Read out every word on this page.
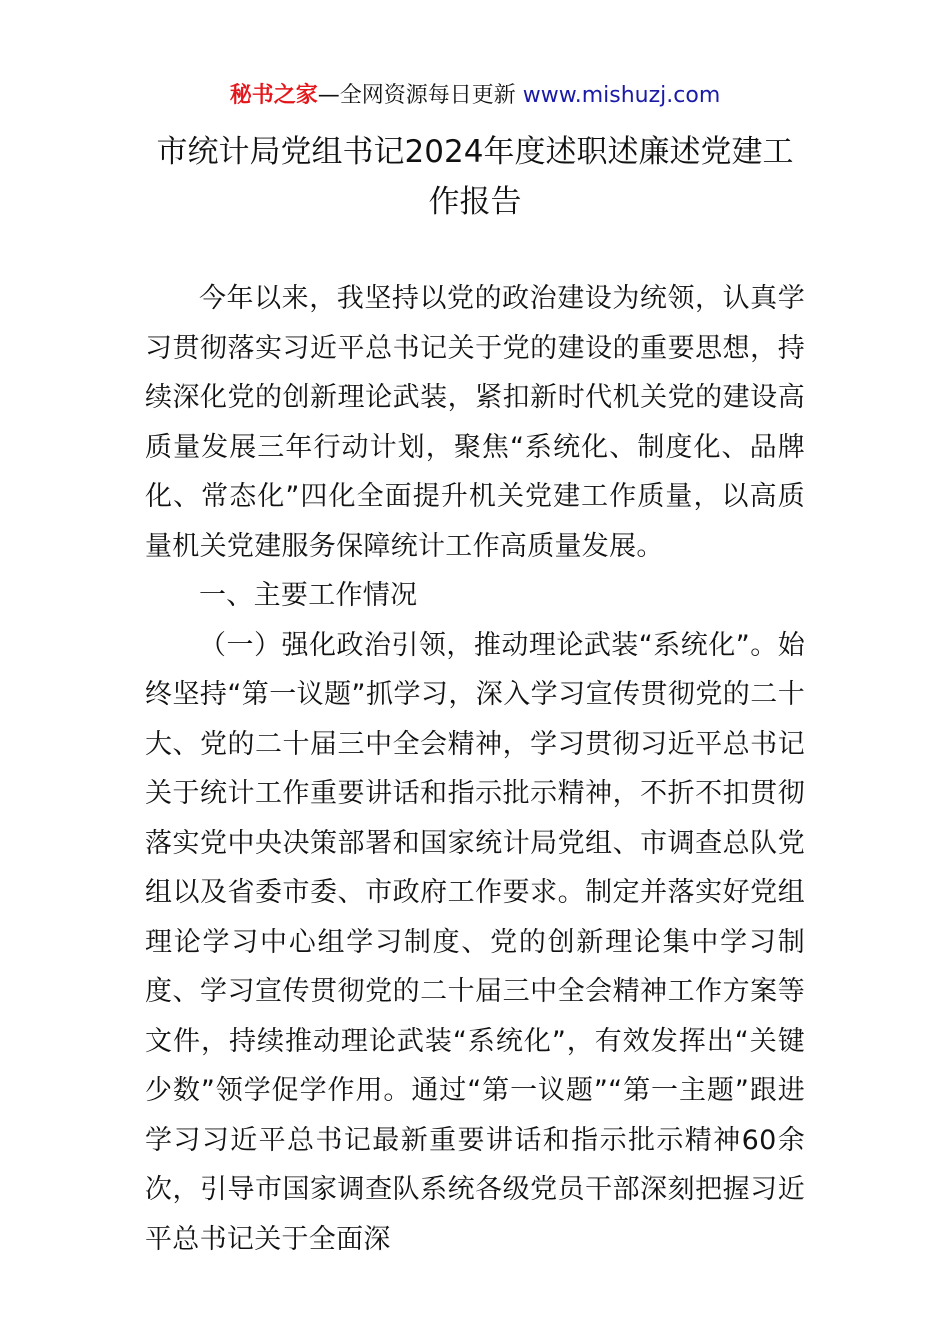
秘书之家—全网资源每日更新 www.mishuzj.com
市统计局党组书记2024年度述职述廉述党建工作报告

今年以来，我坚持以党的政治建设为统领，认真学习贯彻落实习近平总书记关于党的建设的重要思想，持续深化党的创新理论武装，紧扣新时代机关党的建设高质量发展三年行动计划，聚焦“系统化、制度化、品牌化、常态化”四化全面提升机关党建工作质量，以高质量机关党建服务保障统计工作高质量发展。

一、主要工作情况

（一）强化政治引领，推动理论武装“系统化”。始终坚持“第一议题”抓学习，深入学习宣传贯彻党的二十大、党的二十届三中全会精神，学习贯彻习近平总书记关于统计工作重要讲话和指示批示精神，不折不扣贯彻落实党中央决策部署和国家统计局党组、市调查总队党组以及省委市委、市政府工作要求。制定并落实好党组理论学习中心组学习制度、党的创新理论集中学习制度、学习宣传贯彻党的二十届三中全会精神工作方案等文件，持续推动理论武装“系统化”，有效发挥出“关键少数”领学促学作用。通过“第一议题”“第一主题”跟进学习习近平总书记最新重要讲话和指示批示精神60余次，引导市国家调查队系统各级党员干部深刻把握习近平总书记关于全面深
